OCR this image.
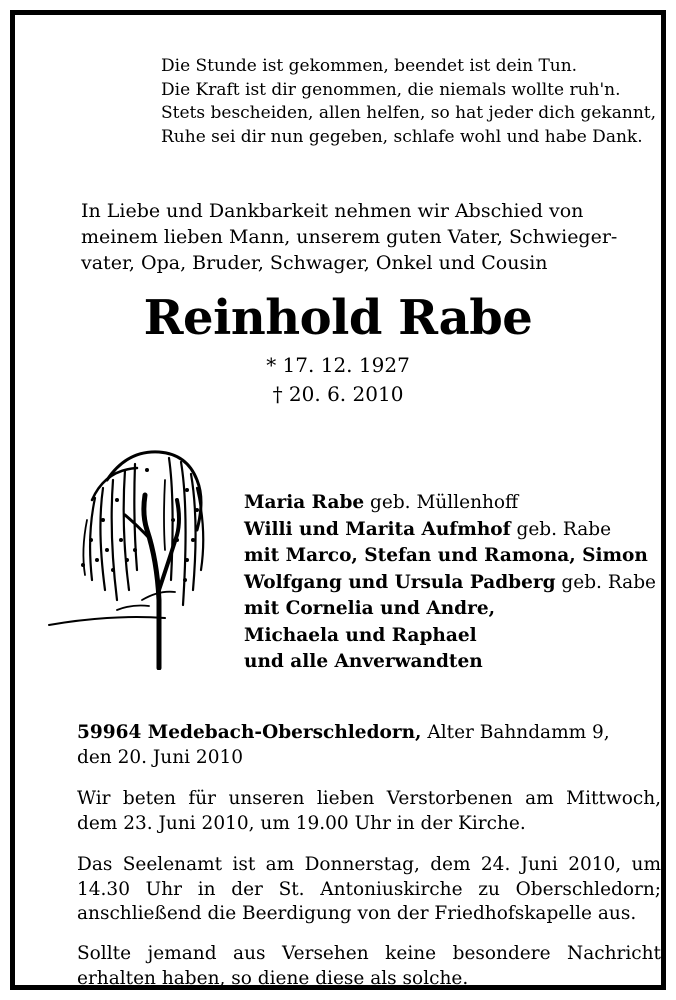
Die Stunde ist gekommen, beendet ist dein Tun.
Die Kraft ist dir genommen, die niemals wollte ruh'n.
Stets bescheiden, allen helfen, so hat jeder dich gekannt,
Ruhe sei dir nun gegeben, schlafe wohl und habe Dank.
In Liebe und Dankbarkeit nehmen wir Abschied von
meinem lieben Mann, unserem guten Vater, Schwieger-
vater, Opa, Bruder, Schwager, Onkel und Cousin
Reinhold Rabe
* 17. 12. 1927
† 20. 6. 2010
Maria Rabe geb. Müllenhoff
Willi und Marita Aufmhof geb. Rabe
mit Marco, Stefan und Ramona, Simon
Wolfgang und Ursula Padberg geb. Rabe
mit Cornelia und Andre,
Michaela und Raphael
und alle Anverwandten
59964 Medebach-Oberschledorn, Alter Bahndamm 9,
den 20. Juni 2010
Wir beten für unseren lieben Verstorbenen am Mittwoch, dem 23. Juni 2010, um 19.00 Uhr in der Kirche.
Das Seelenamt ist am Donnerstag, dem 24. Juni 2010, um 14.30 Uhr in der St. Antoniuskirche zu Oberschledorn; anschließend die Beerdigung von der Friedhofskapelle aus.
Sollte jemand aus Versehen keine besondere Nachricht erhalten haben, so diene diese als solche.
